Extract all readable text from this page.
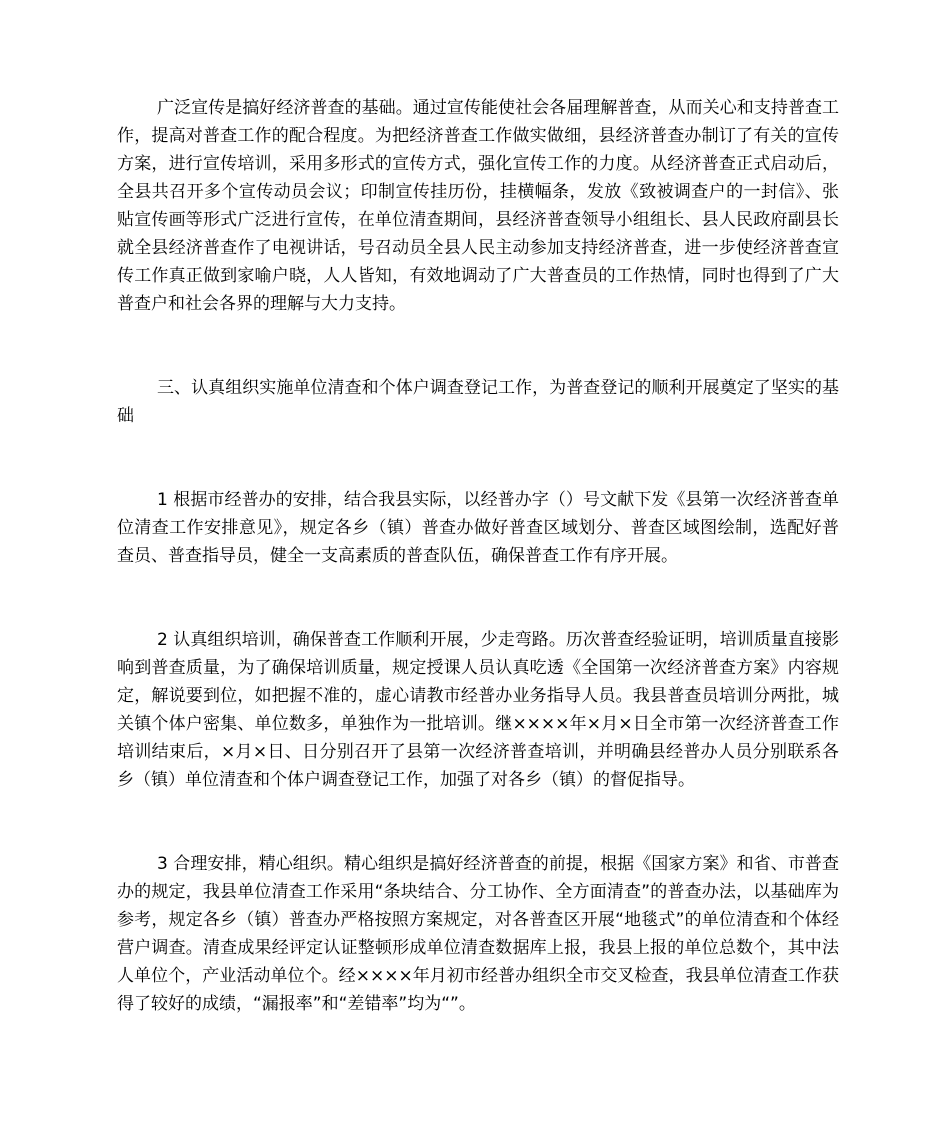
广泛宣传是搞好经济普查的基础。通过宣传能使社会各届理解普查，从而关心和支持普查工作，提高对普查工作的配合程度。为把经济普查工作做实做细，县经济普查办制订了有关的宣传方案，进行宣传培训，采用多形式的宣传方式，强化宣传工作的力度。从经济普查正式启动后，全县共召开多个宣传动员会议；印制宣传挂历份，挂横幅条，发放《致被调查户的一封信》、张贴宣传画等形式广泛进行宣传，在单位清查期间，县经济普查领导小组组长、县人民政府副县长就全县经济普查作了电视讲话，号召动员全县人民主动参加支持经济普查，进一步使经济普查宣传工作真正做到家喻户晓，人人皆知，有效地调动了广大普查员的工作热情，同时也得到了广大普查户和社会各界的理解与大力支持。

三、认真组织实施单位清查和个体户调查登记工作，为普查登记的顺利开展奠定了坚实的基础

1 根据市经普办的安排，结合我县实际，以经普办字（）号文献下发《县第一次经济普查单位清查工作安排意见》，规定各乡（镇）普查办做好普查区域划分、普查区域图绘制，选配好普查员、普查指导员，健全一支高素质的普查队伍，确保普查工作有序开展。

2 认真组织培训，确保普查工作顺利开展，少走弯路。历次普查经验证明，培训质量直接影响到普查质量，为了确保培训质量，规定授课人员认真吃透《全国第一次经济普查方案》内容规定，解说要到位，如把握不准的，虚心请教市经普办业务指导人员。我县普查员培训分两批，城关镇个体户密集、单位数多，单独作为一批培训。继××××年×月×日全市第一次经济普查工作培训结束后，×月×日、日分别召开了县第一次经济普查培训，并明确县经普办人员分别联系各乡（镇）单位清查和个体户调查登记工作，加强了对各乡（镇）的督促指导。

3 合理安排，精心组织。精心组织是搞好经济普查的前提，根据《国家方案》和省、市普查办的规定，我县单位清查工作采用“条块结合、分工协作、全方面清查”的普查办法，以基础库为参考，规定各乡（镇）普查办严格按照方案规定，对各普查区开展“地毯式”的单位清查和个体经营户调查。清查成果经评定认证整顿形成单位清查数据库上报，我县上报的单位总数个，其中法人单位个，产业活动单位个。经××××年月初市经普办组织全市交叉检查，我县单位清查工作获得了较好的成绩，“漏报率”和“差错率”均为“”。
